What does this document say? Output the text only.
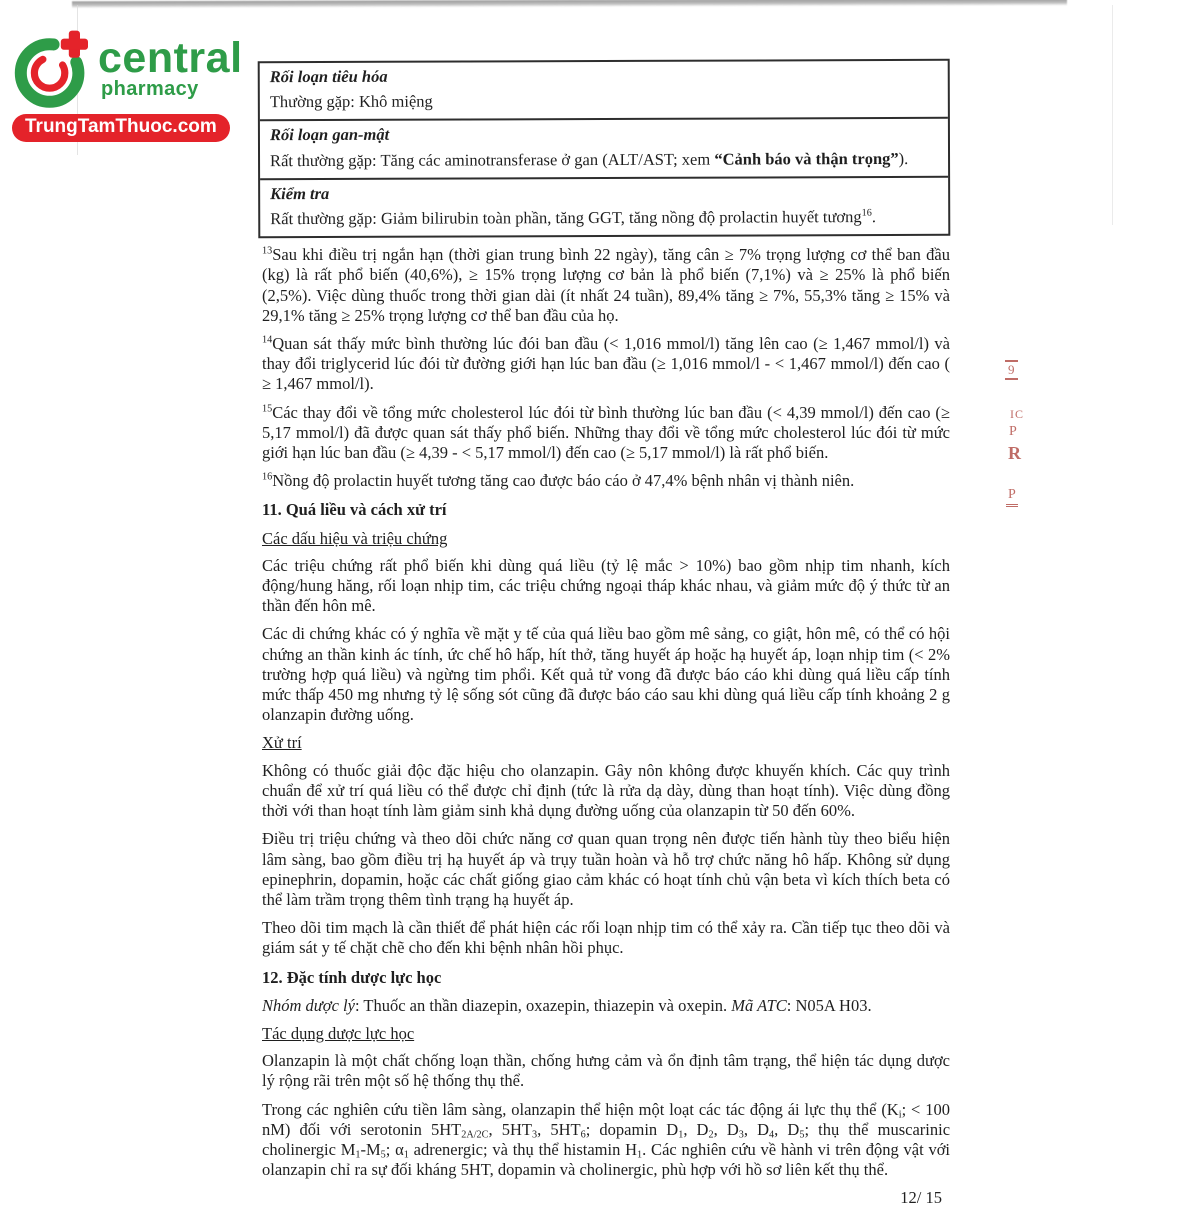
central
pharmacy
TrungTamThuoc.com
9
IC
P
R
P
Rối loạn tiêu hóa
Thường gặp: Khô miệng
Rối loạn gan-mật
Rất thường gặp: Tăng các aminotransferase ở gan (ALT/AST; xem “Cảnh báo và thận trọng”).
Kiểm tra
Rất thường gặp: Giảm bilirubin toàn phần, tăng GGT, tăng nồng độ prolactin huyết tương$^{16}$.

$^{13}$Sau khi điều trị ngắn hạn (thời gian trung bình 22 ngày), tăng cân ≥ 7% trọng lượng cơ thể ban đầu (kg) là rất phổ biến (40,6%), ≥ 15% trọng lượng cơ bản là phổ biến (7,1%) và ≥ 25% là phổ biến (2,5%). Việc dùng thuốc trong thời gian dài (ít nhất 24 tuần), 89,4% tăng ≥ 7%, 55,3% tăng ≥ 15% và 29,1% tăng ≥ 25% trọng lượng cơ thể ban đầu của họ.

$^{14}$Quan sát thấy mức bình thường lúc đói ban đầu (< 1,016 mmol/l) tăng lên cao (≥ 1,467 mmol/l) và thay đổi triglycerid lúc đói từ đường giới hạn lúc ban đầu (≥ 1,016 mmol/l - < 1,467 mmol/l) đến cao ( ≥ 1,467 mmol/l).

$^{15}$Các thay đổi về tổng mức cholesterol lúc đói từ bình thường lúc ban đầu (< 4,39 mmol/l) đến cao (≥ 5,17 mmol/l) đã được quan sát thấy phổ biến. Những thay đổi về tổng mức cholesterol lúc đói từ mức giới hạn lúc ban đầu (≥ 4,39 - < 5,17 mmol/l) đến cao (≥ 5,17 mmol/l) là rất phổ biến.

$^{16}$Nồng độ prolactin huyết tương tăng cao được báo cáo ở 47,4% bệnh nhân vị thành niên.

11. Quá liều và cách xử trí
Các dấu hiệu và triệu chứng

Các triệu chứng rất phổ biến khi dùng quá liều (tỷ lệ mắc > 10%) bao gồm nhịp tim nhanh, kích động/hung hăng, rối loạn nhịp tim, các triệu chứng ngoại tháp khác nhau, và giảm mức độ ý thức từ an thần đến hôn mê.

Các di chứng khác có ý nghĩa về mặt y tế của quá liều bao gồm mê sảng, co giật, hôn mê, có thể có hội chứng an thần kinh ác tính, ức chế hô hấp, hít thở, tăng huyết áp hoặc hạ huyết áp, loạn nhịp tim (< 2% trường hợp quá liều) và ngừng tim phổi. Kết quả tử vong đã được báo cáo khi dùng quá liều cấp tính mức thấp 450 mg nhưng tỷ lệ sống sót cũng đã được báo cáo sau khi dùng quá liều cấp tính khoảng 2 g olanzapin đường uống.

Xử trí

Không có thuốc giải độc đặc hiệu cho olanzapin. Gây nôn không được khuyến khích. Các quy trình chuẩn để xử trí quá liều có thể được chỉ định (tức là rửa dạ dày, dùng than hoạt tính). Việc dùng đồng thời với than hoạt tính làm giảm sinh khả dụng đường uống của olanzapin từ 50 đến 60%.

Điều trị triệu chứng và theo dõi chức năng cơ quan quan trọng nên được tiến hành tùy theo biểu hiện lâm sàng, bao gồm điều trị hạ huyết áp và trụy tuần hoàn và hỗ trợ chức năng hô hấp. Không sử dụng epinephrin, dopamin, hoặc các chất giống giao cảm khác có hoạt tính chủ vận beta vì kích thích beta có thể làm trầm trọng thêm tình trạng hạ huyết áp.

Theo dõi tim mạch là cần thiết để phát hiện các rối loạn nhịp tim có thể xảy ra. Cần tiếp tục theo dõi và giám sát y tế chặt chẽ cho đến khi bệnh nhân hồi phục.

12. Đặc tính dược lực học
Nhóm dược lý: Thuốc an thần diazepin, oxazepin, thiazepin và oxepin. Mã ATC: N05A H03.
Tác dụng dược lực học

Olanzapin là một chất chống loạn thần, chống hưng cảm và ổn định tâm trạng, thể hiện tác dụng dược lý rộng rãi trên một số hệ thống thụ thể.

Trong các nghiên cứu tiền lâm sàng, olanzapin thể hiện một loạt các tác động ái lực thụ thể ($K_i$; < 100 nM) đối với serotonin $5HT_{2A/2C}$, $5HT_3$, $5HT_6$; dopamin $D_1$, $D_2$, $D_3$, $D_4$, $D_5$; thụ thể muscarinic cholinergic $M_1-M_5$; $\alpha_1$ adrenergic; và thụ thể histamin $H_1$. Các nghiên cứu về hành vi trên động vật với olanzapin chỉ ra sự đối kháng 5HT, dopamin và cholinergic, phù hợp với hồ sơ liên kết thụ thể.

12/ 15
